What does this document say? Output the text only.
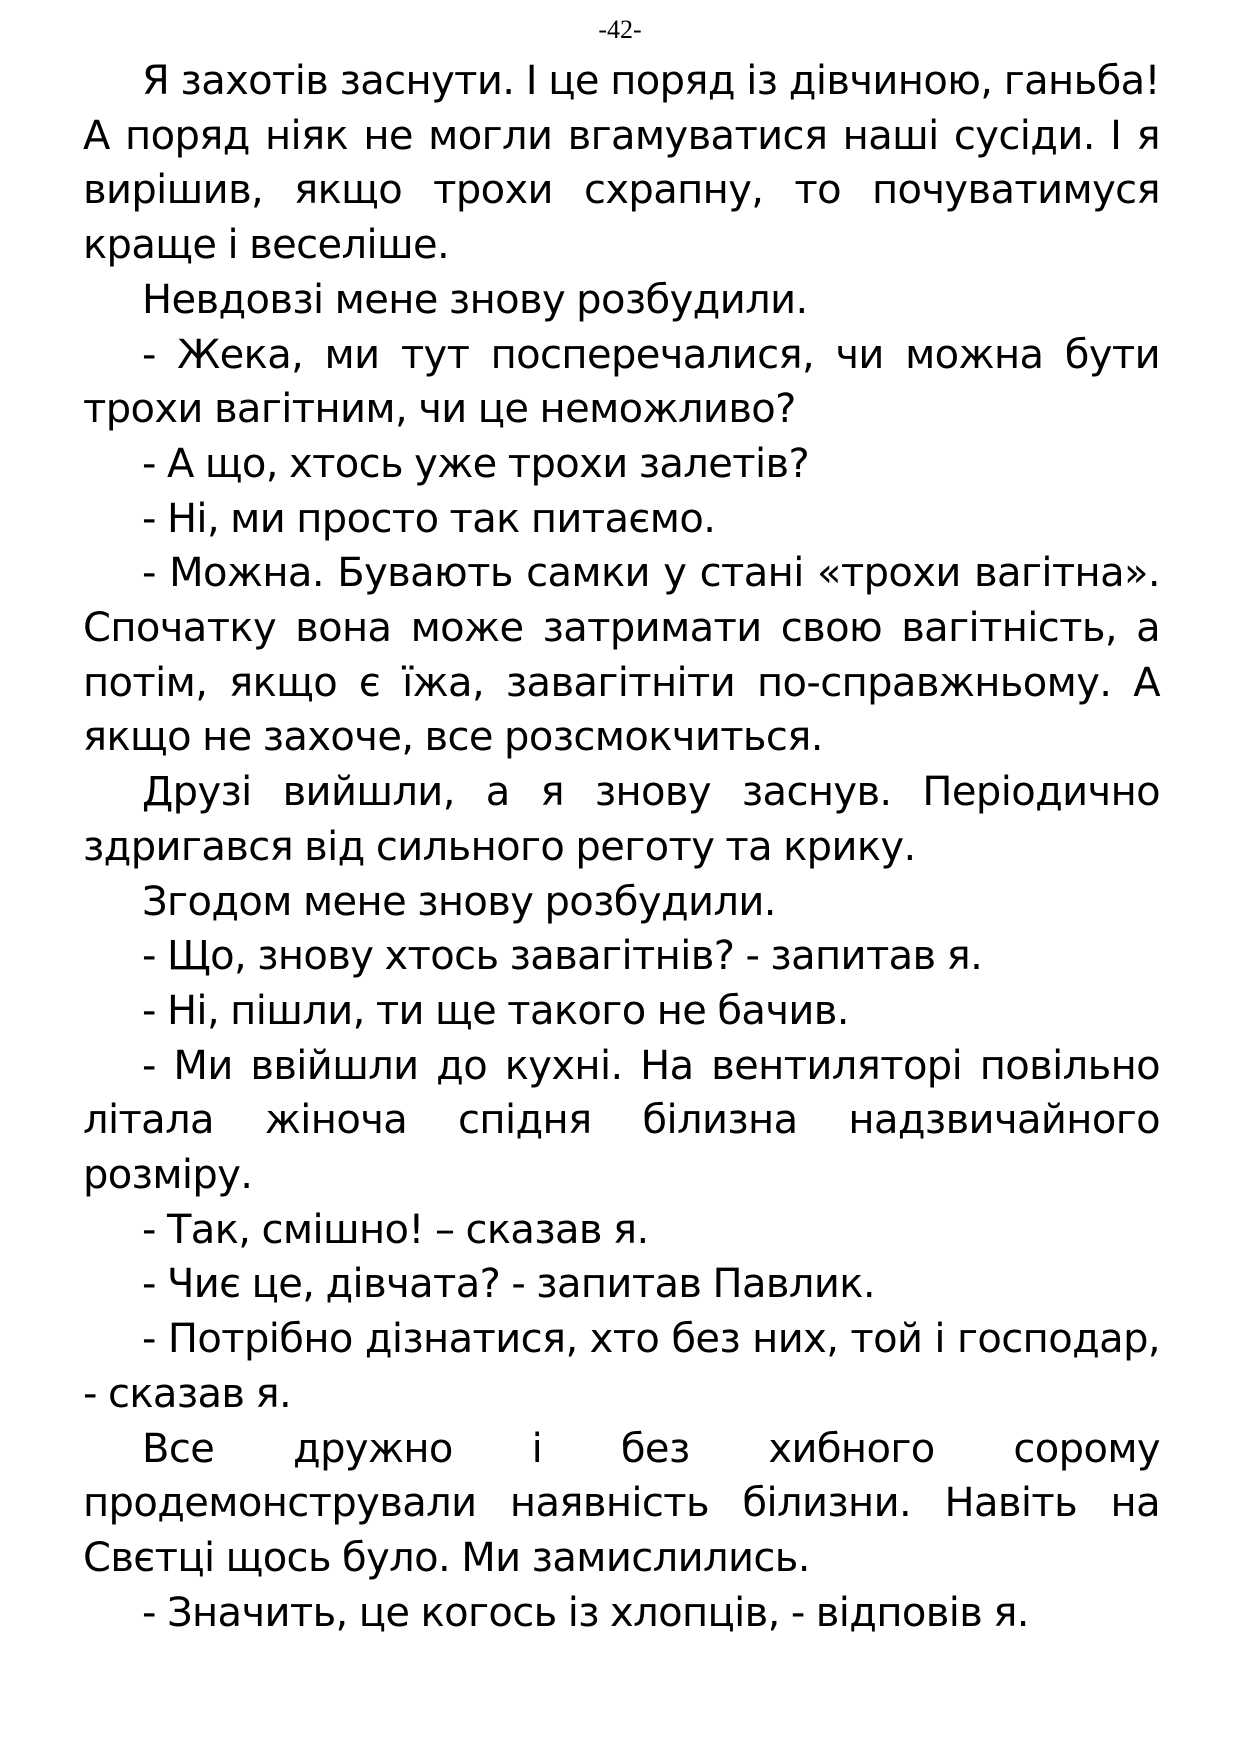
-42-

Я захотів заснути. І це поряд із дівчиною, ганьба! А поряд ніяк не могли вгамуватися наші сусіди. І я вирішив, якщо трохи схрапну, то почуватимуся краще і веселіше.

Невдовзі мене знову розбудили.

- Жека, ми тут посперечалися, чи можна бути трохи вагітним, чи це неможливо?

- А що, хтось уже трохи залетів?

- Ні, ми просто так питаємо.

- Можна. Бувають самки у стані «трохи вагітна». Спочатку вона може затримати свою вагітність, а потім, якщо є їжа, завагітніти по-справжньому. А якщо не захоче, все розсмокчиться.

Друзі вийшли, а я знову заснув. Періодично здригався від сильного реготу та крику.

Згодом мене знову розбудили.

- Що, знову хтось завагітнів? - запитав я.

- Ні, пішли, ти ще такого не бачив.

- Ми ввійшли до кухні. На вентиляторі повільно літала жіноча спідня білизна надзвичайного розміру.

- Так, смішно! – сказав я.

- Чиє це, дівчата? - запитав Павлик.

- Потрібно дізнатися, хто без них, той і господар, - сказав я.

Все дружно і без хибного сорому продемонстрували наявність білизни. Навіть на Свєтці щось було. Ми замислились.

- Значить, це когось із хлопців, - відповів я.
